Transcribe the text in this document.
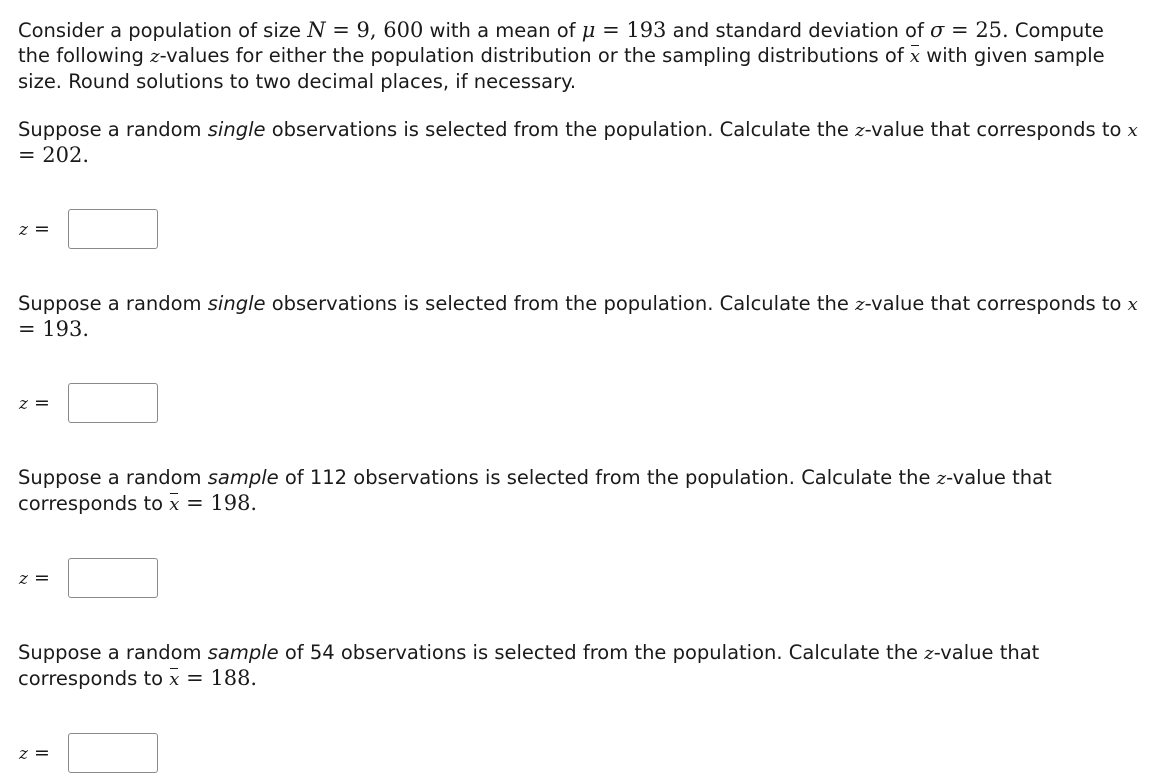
Consider a population of size N = 9, 600 with a mean of μ = 193 and standard deviation of σ = 25. Compute the following z-values for either the population distribution or the sampling distributions of x with given sample size. Round solutions to two decimal places, if necessary.

Suppose a random single observations is selected from the population. Calculate the z-value that corresponds to x = 202.

z =

Suppose a random single observations is selected from the population. Calculate the z-value that corresponds to x = 193.

z =

Suppose a random sample of 112 observations is selected from the population. Calculate the z-value that corresponds to x = 198.

z =

Suppose a random sample of 54 observations is selected from the population. Calculate the z-value that corresponds to x = 188.

z =
